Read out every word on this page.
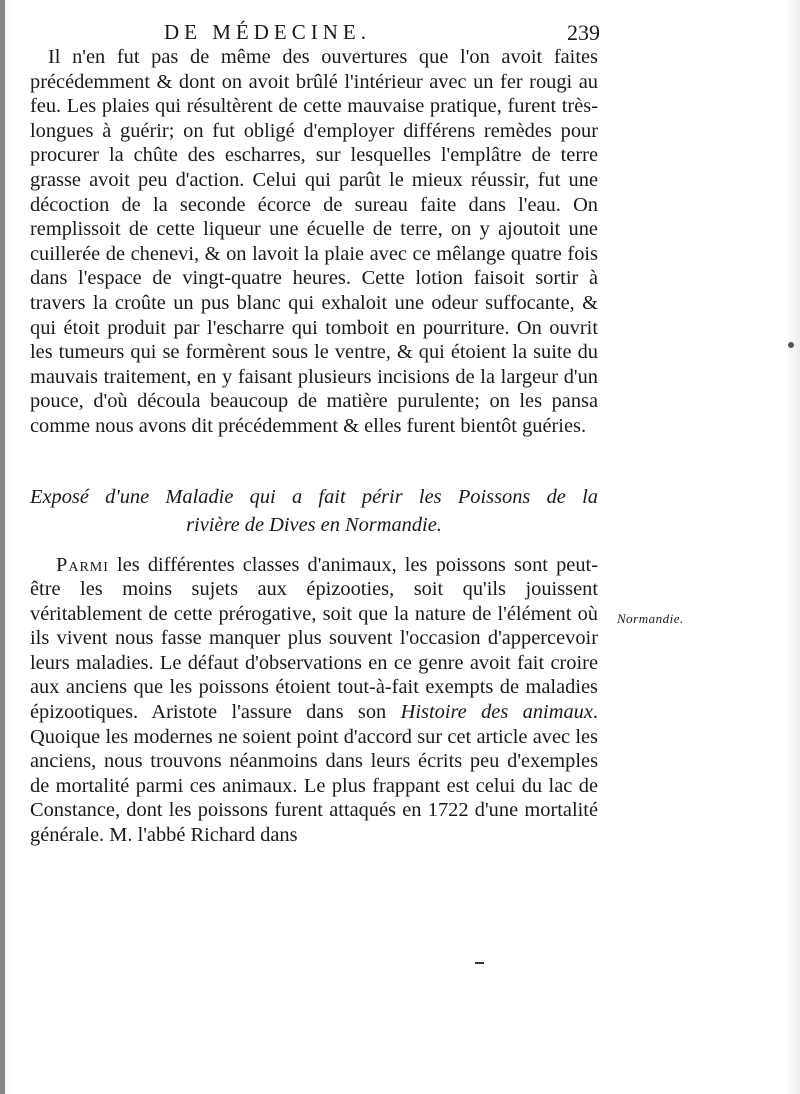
DE MÉDECINE.	239

Il n'en fut pas de même des ouvertures que l'on avoit faites précédemment & dont on avoit brûlé l'intérieur avec un fer rougi au feu. Les plaies qui résultèrent de cette mauvaise pratique, furent très-longues à guérir; on fut obligé d'employer différens remèdes pour procurer la chûte des escharres, sur lesquelles l'emplâtre de terre grasse avoit peu d'action. Celui qui parût le mieux réussir, fut une décoction de la seconde écorce de sureau faite dans l'eau. On remplissoit de cette liqueur une écuelle de terre, on y ajoutoit une cuillerée de chenevi, & on lavoit la plaie avec ce mêlange quatre fois dans l'espace de vingt-quatre heures. Cette lotion faisoit sortir à travers la croûte un pus blanc qui exhaloit une odeur suffocante, & qui étoit produit par l'escharre qui tomboit en pourriture. On ouvrit les tumeurs qui se formèrent sous le ventre, & qui étoient la suite du mauvais traitement, en y faisant plusieurs incisions de la largeur d'un pouce, d'où découla beaucoup de matière purulente; on les pansa comme nous avons dit précédemment & elles furent bientôt guéries.

Exposé d'une Maladie qui a fait périr les Poissons de la
rivière de Dives en Normandie.

Parmi les différentes classes d'animaux, les poissons sont peut-être les moins sujets aux épizooties, soit qu'ils jouissent véritablement de cette prérogative, soit que la nature de l'élément où ils vivent nous fasse manquer plus souvent l'occasion d'appercevoir leurs maladies. Le défaut d'observations en ce genre avoit fait croire aux anciens que les poissons étoient tout-à-fait exempts de maladies épizootiques. Aristote l'assure dans son Histoire des animaux. Quoique les modernes ne soient point d'accord sur cet article avec les anciens, nous trouvons néanmoins dans leurs écrits peu d'exemples de mortalité parmi ces animaux. Le plus frappant est celui du lac de Constance, dont les poissons furent attaqués en 1722 d'une mortalité générale. M. l'abbé Richard dans

Normandie.
